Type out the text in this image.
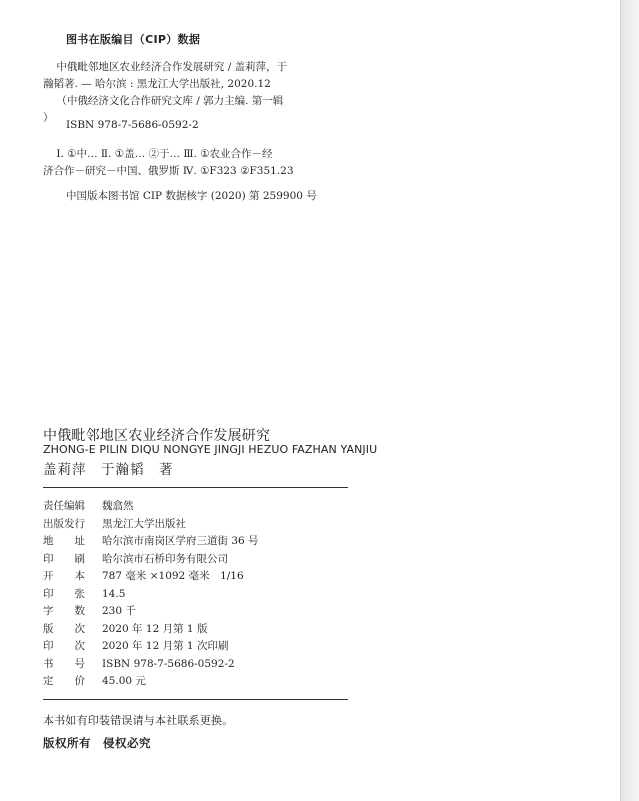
图书在版编目（CIP）数据

中俄毗邻地区农业经济合作发展研究 / 盖莉萍，于

瀚韬著. — 哈尔滨 : 黑龙江大学出版社, 2020.12

（中俄经济文化合作研究文库 / 郭力主编. 第一辑

）

ISBN 978-7-5686-0592-2

Ⅰ. ①中… Ⅱ. ①盖… ②于… Ⅲ. ①农业合作－经

济合作－研究－中国、俄罗斯 Ⅳ. ①F323 ②F351.23

中国版本图书馆 CIP 数据核字 (2020) 第 259900 号

中俄毗邻地区农业经济合作发展研究
ZHONG-E PILIN DIQU NONGYE JINGJI HEZUO FAZHAN YANJIU
盖莉萍　于瀚韬　著
责任编辑	魏翕然
出版发行	黑龙江大学出版社
地　　址	哈尔滨市南岗区学府三道街 36 号
印　　刷	哈尔滨市石桥印务有限公司
开　　本	787 毫米 ×1092 毫米　1/16
印　　张	14.5
字　　数	230 千
版　　次	2020 年 12 月第 1 版
印　　次	2020 年 12 月第 1 次印刷
书　　号	ISBN 978-7-5686-0592-2
定　　价	45.00 元
本书如有印装错误请与本社联系更换。
版权所有　侵权必究
